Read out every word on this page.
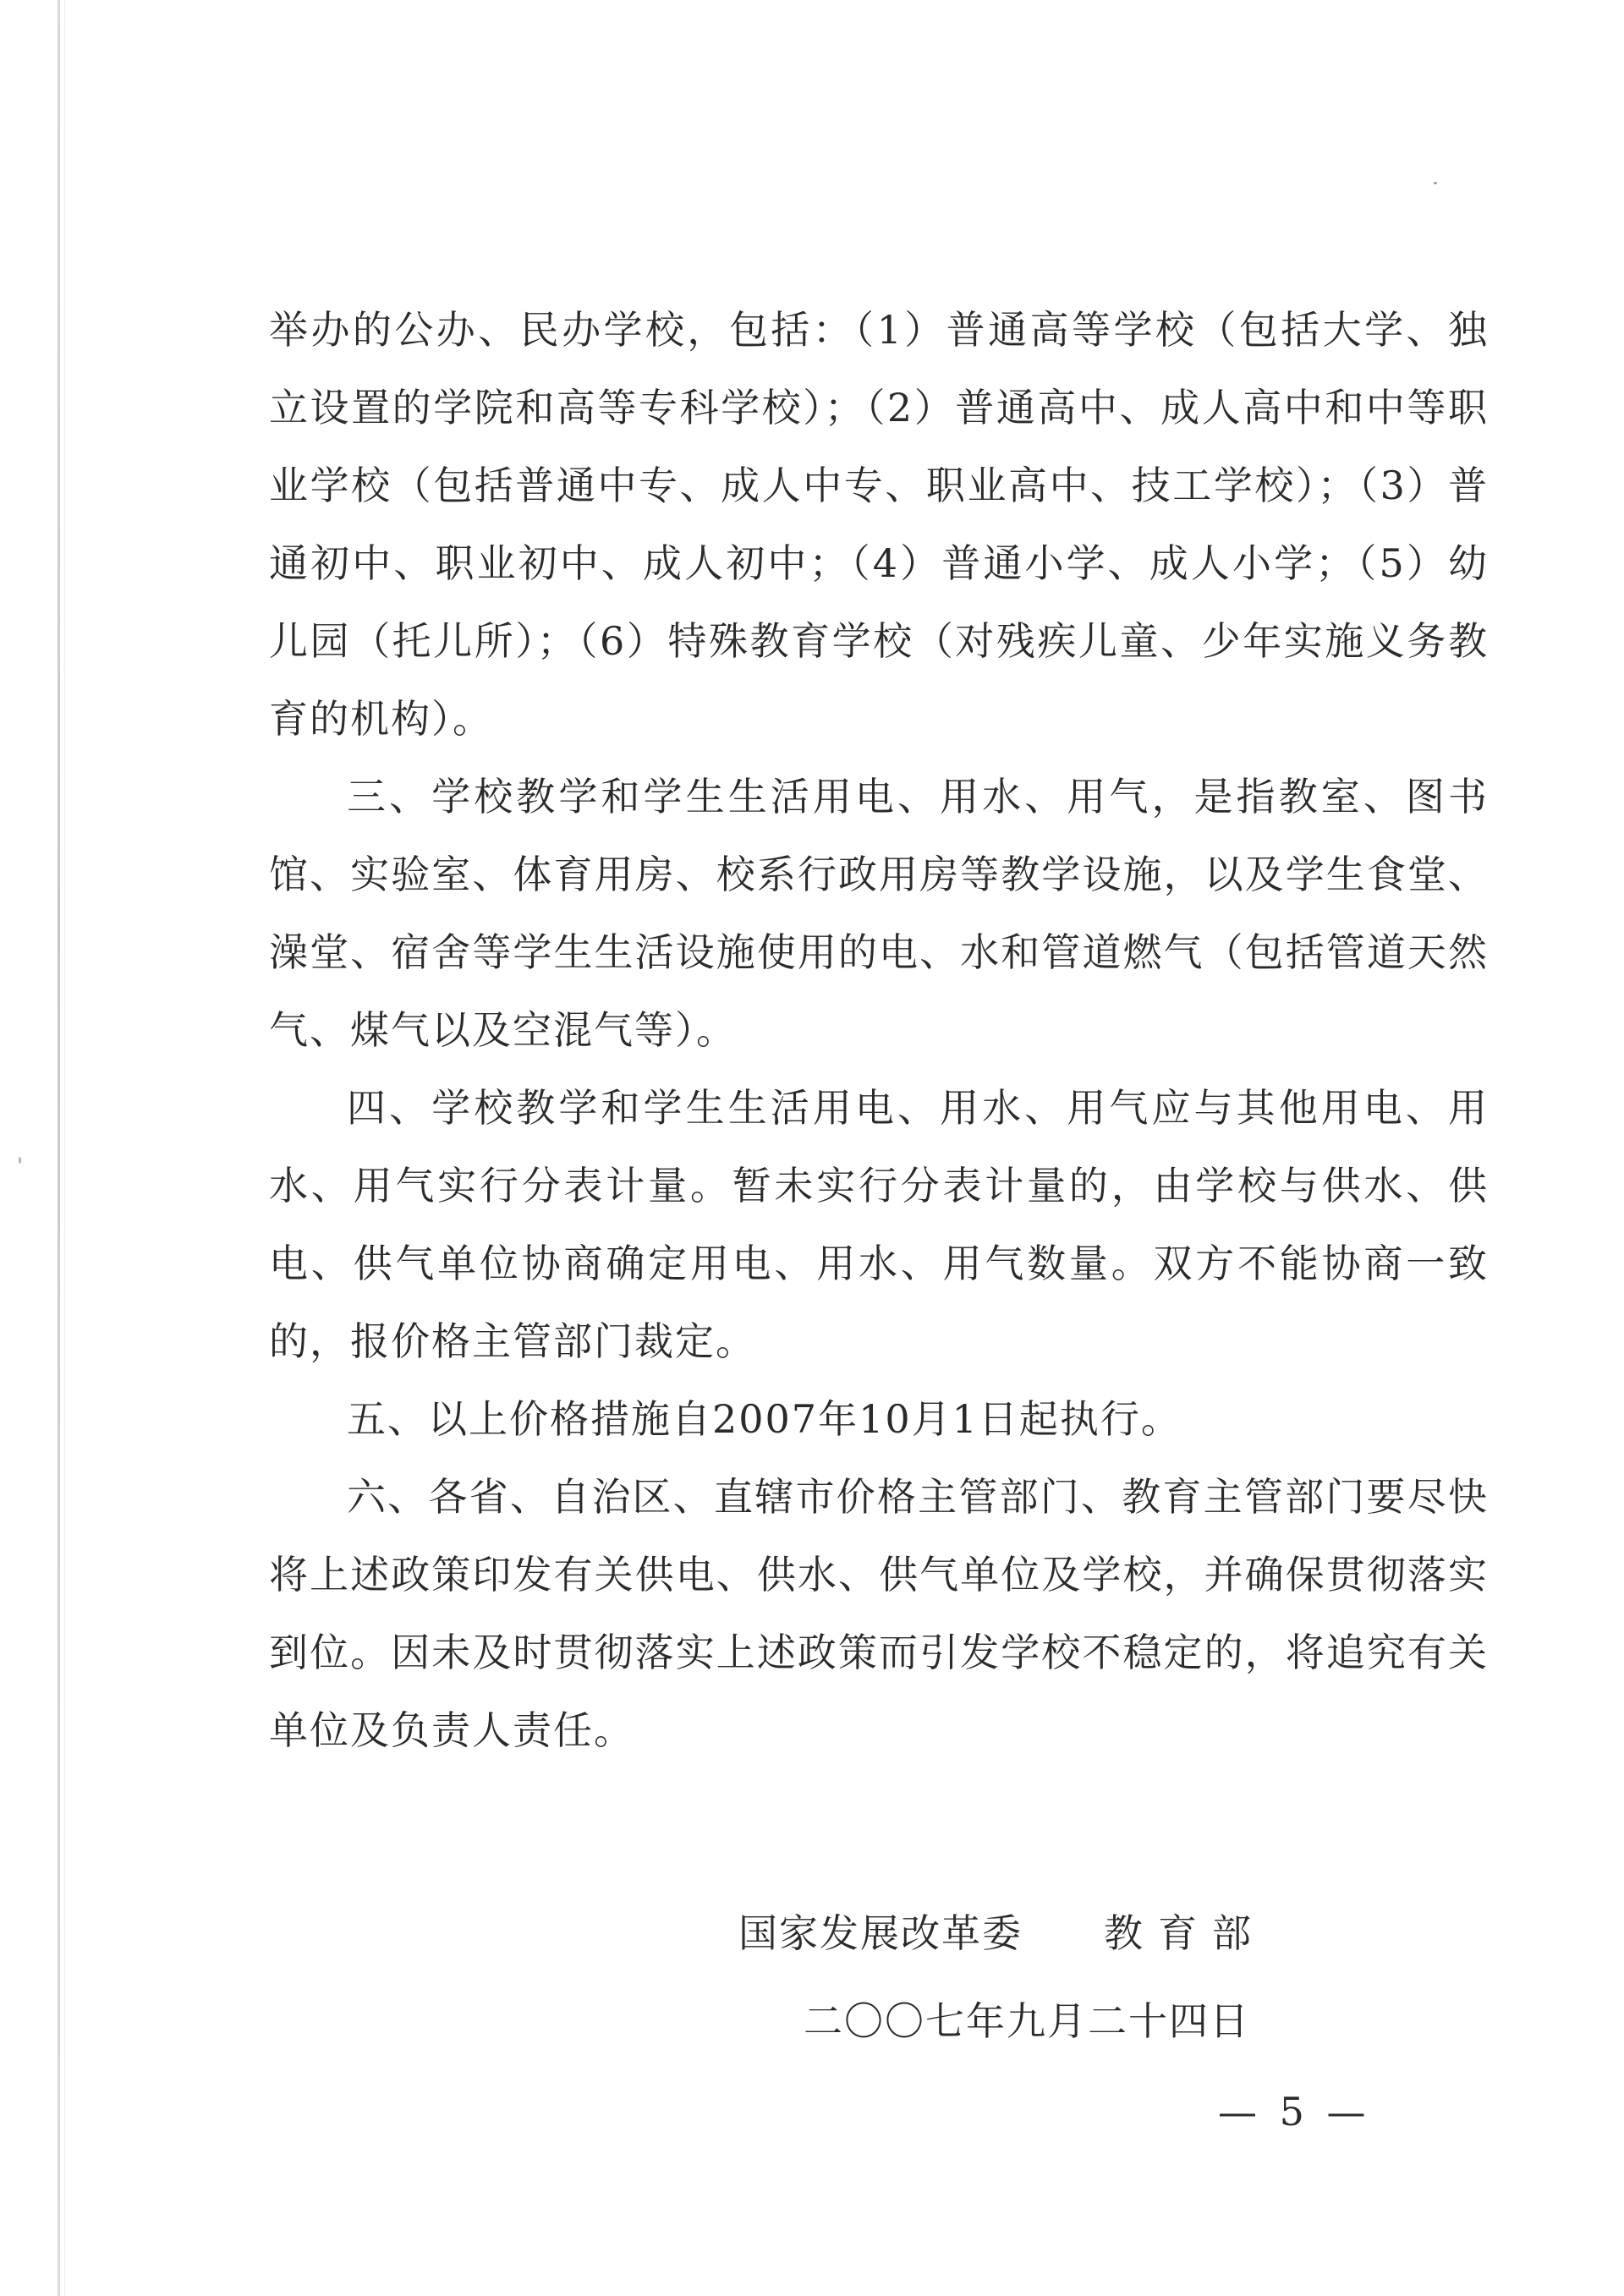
举办的公办、民办学校，包括：（1）普通高等学校（包括大学、独立设置的学院和高等专科学校）；（2）普通高中、成人高中和中等职业学校（包括普通中专、成人中专、职业高中、技工学校）；（3）普通初中、职业初中、成人初中；（4）普通小学、成人小学；（5）幼儿园（托儿所）；（6）特殊教育学校（对残疾儿童、少年实施义务教育的机构）。

三、学校教学和学生生活用电、用水、用气，是指教室、图书馆、实验室、体育用房、校系行政用房等教学设施，以及学生食堂、澡堂、宿舍等学生生活设施使用的电、水和管道燃气（包括管道天然气、煤气以及空混气等）。

四、学校教学和学生生活用电、用水、用气应与其他用电、用水、用气实行分表计量。暂未实行分表计量的，由学校与供水、供电、供气单位协商确定用电、用水、用气数量。双方不能协商一致的，报价格主管部门裁定。

五、以上价格措施自2007年10月1日起执行。

六、各省、自治区、直辖市价格主管部门、教育主管部门要尽快将上述政策印发有关供电、供水、供气单位及学校，并确保贯彻落实到位。因未及时贯彻落实上述政策而引发学校不稳定的，将追究有关单位及负责人责任。

国家发展改革委 教育部
二〇〇七年九月二十四日
— 5 —
